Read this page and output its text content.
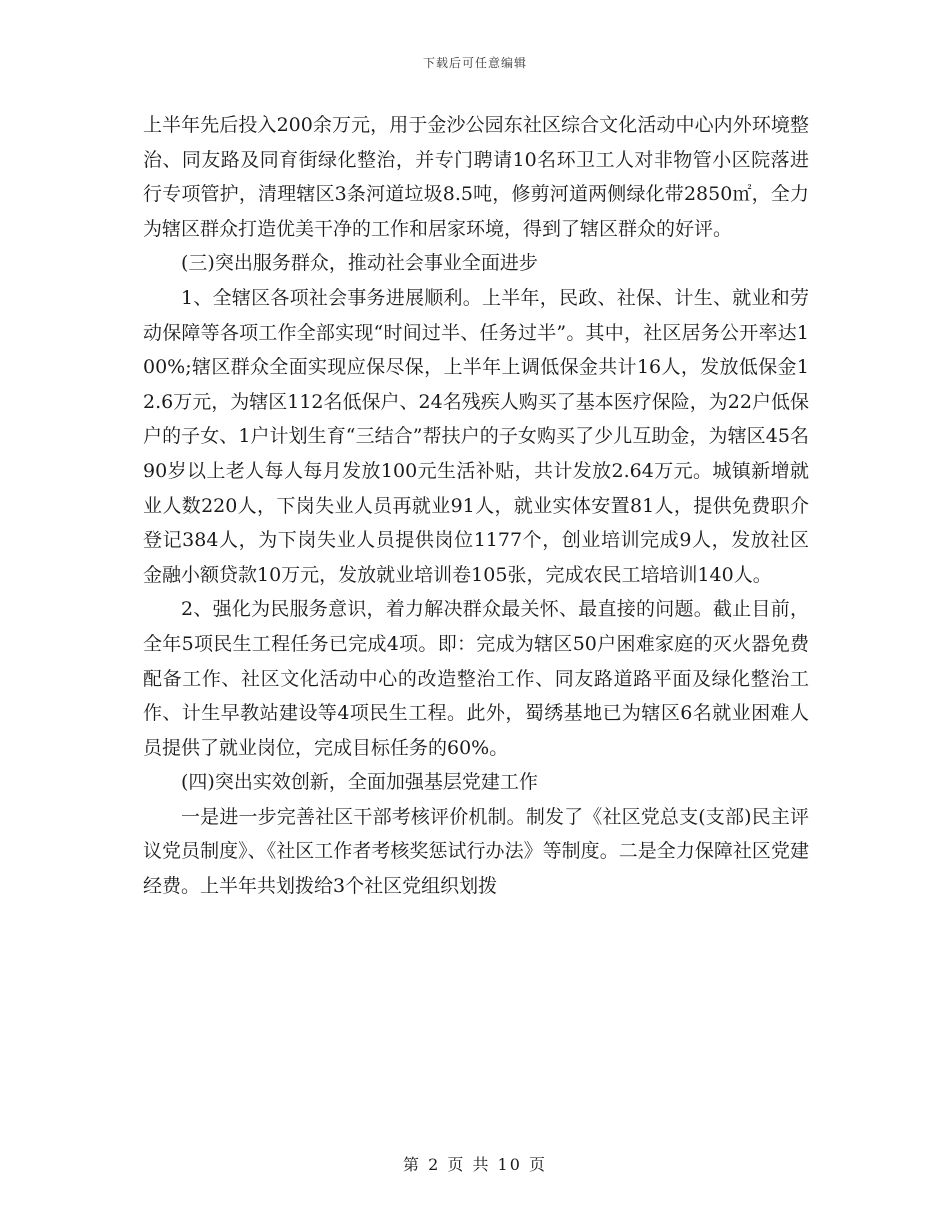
下载后可任意编辑

上半年先后投入200余万元，用于金沙公园东社区综合文化活动中心内外环境整治、同友路及同育街绿化整治，并专门聘请10名环卫工人对非物管小区院落进行专项管护，清理辖区3条河道垃圾8.5吨，修剪河道两侧绿化带2850㎡，全力为辖区群众打造优美干净的工作和居家环境，得到了辖区群众的好评。

(三)突出服务群众，推动社会事业全面进步

1、全辖区各项社会事务进展顺利。上半年，民政、社保、计生、就业和劳动保障等各项工作全部实现“时间过半、任务过半”。其中，社区居务公开率达100%;辖区群众全面实现应保尽保，上半年上调低保金共计16人，发放低保金12.6万元，为辖区112名低保户、24名残疾人购买了基本医疗保险，为22户低保户的子女、1户计划生育“三结合”帮扶户的子女购买了少儿互助金，为辖区45名90岁以上老人每人每月发放100元生活补贴，共计发放2.64万元。城镇新增就业人数220人，下岗失业人员再就业91人，就业实体安置81人，提供免费职介登记384人，为下岗失业人员提供岗位1177个，创业培训完成9人，发放社区金融小额贷款10万元，发放就业培训卷105张，完成农民工培培训140人。

2、强化为民服务意识，着力解决群众最关怀、最直接的问题。截止目前，全年5项民生工程任务已完成4项。即：完成为辖区50户困难家庭的灭火器免费配备工作、社区文化活动中心的改造整治工作、同友路道路平面及绿化整治工作、计生早教站建设等4项民生工程。此外，蜀绣基地已为辖区6名就业困难人员提供了就业岗位，完成目标任务的60%。

(四)突出实效创新，全面加强基层党建工作

一是进一步完善社区干部考核评价机制。制发了《社区党总支(支部)民主评议党员制度》、《社区工作者考核奖惩试行办法》等制度。二是全力保障社区党建经费。上半年共划拨给3个社区党组织划拨

第 2 页 共 10 页
